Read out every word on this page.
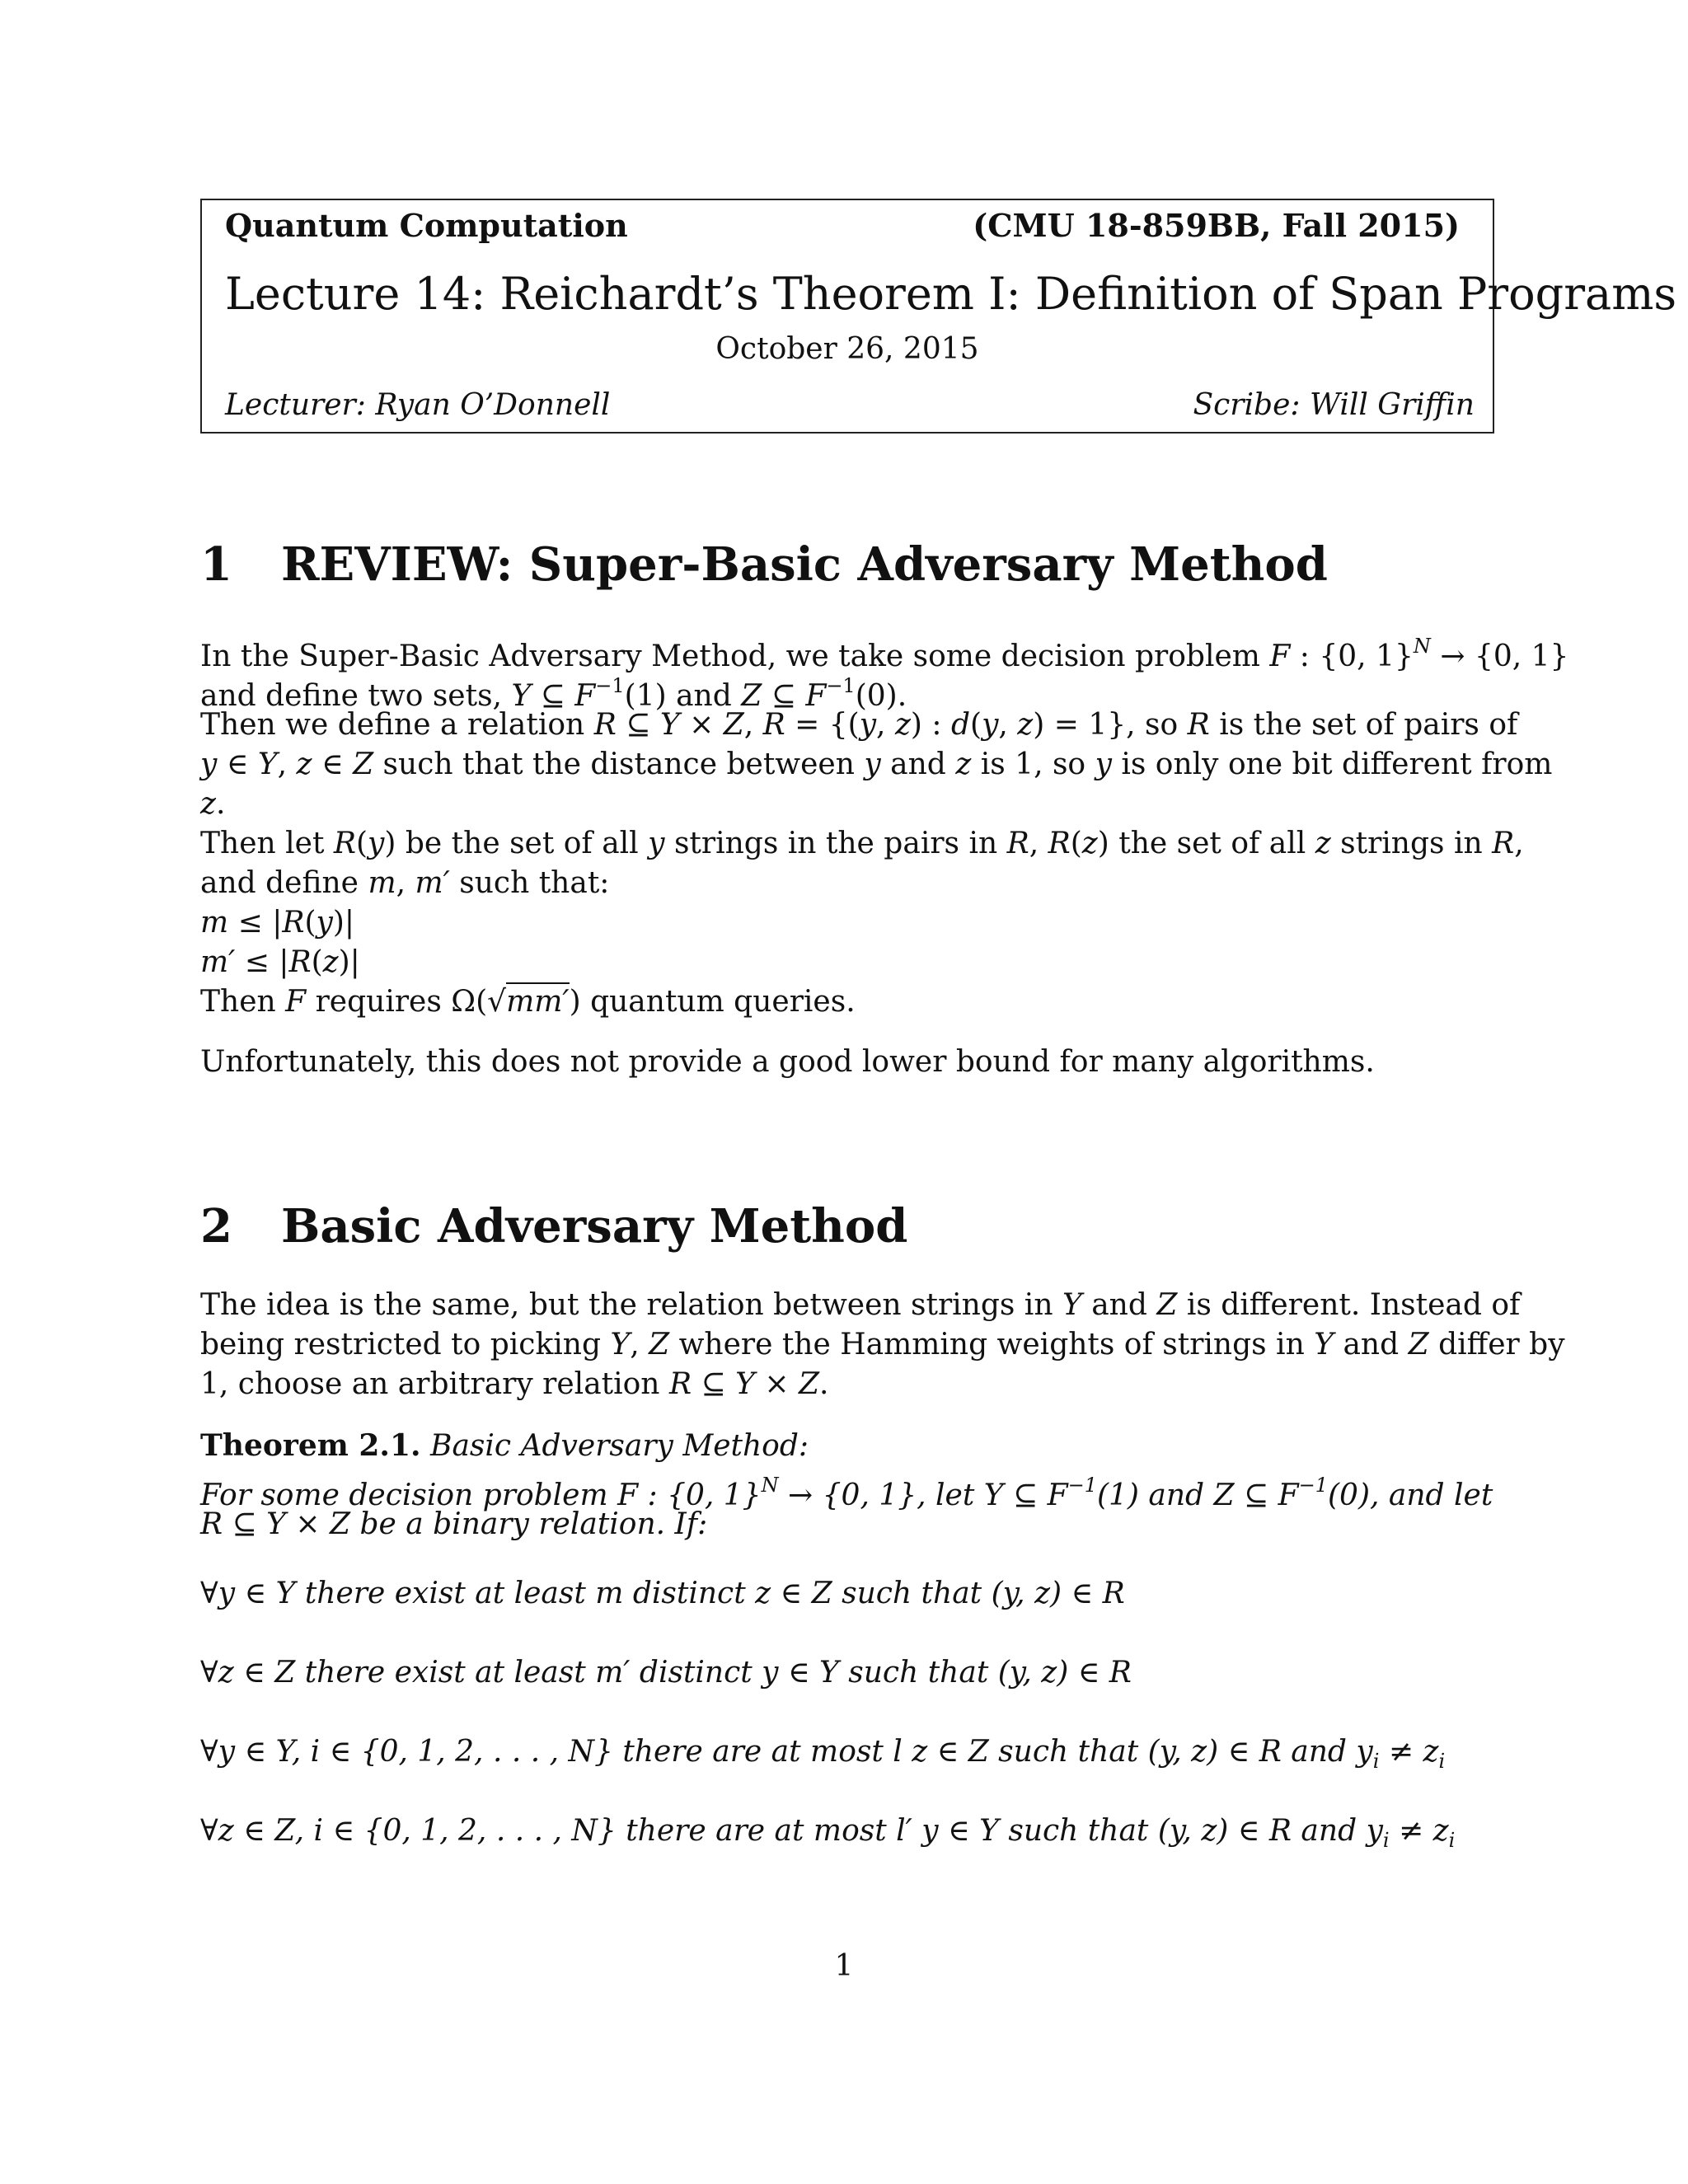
Quantum Computation	(CMU 18-859BB, Fall 2015)
Lecture 14: Reichardt’s Theorem I: Definition of Span Programs
October 26, 2015
Lecturer: Ryan O’Donnell	Scribe: Will Griffin
1 REVIEW: Super-Basic Adversary Method
In the Super-Basic Adversary Method, we take some decision problem F : {0, 1}$^N$ → {0, 1}
and define two sets, Y ⊆ $F^{-1}(1)$ and Z ⊆ $F^{-1}(0)$.
Then we define a relation R ⊆ Y × Z, R = {(y, z) : d(y, z) = 1}, so R is the set of pairs of
y ∈ Y, z ∈ Z such that the distance between y and z is 1, so y is only one bit different from
z.
Then let R(y) be the set of all y strings in the pairs in R, R(z) the set of all z strings in R,
and define m, m′ such that:
m ≤ |R(y)|
m′ ≤ |R(z)|
Then F requires Ω(√mm′) quantum queries.
Unfortunately, this does not provide a good lower bound for many algorithms.
2 Basic Adversary Method
The idea is the same, but the relation between strings in Y and Z is different. Instead of
being restricted to picking Y, Z where the Hamming weights of strings in Y and Z differ by
1, choose an arbitrary relation R ⊆ Y × Z.
Theorem 2.1. Basic Adversary Method:
For some decision problem F : {0, 1}$^N$ → {0, 1}, let Y ⊆ $F^{-1}(1)$ and Z ⊆ $F^{-1}(0)$, and let
R ⊆ Y × Z be a binary relation. If:
∀y ∈ Y there exist at least m distinct z ∈ Z such that (y, z) ∈ R
∀z ∈ Z there exist at least m′ distinct y ∈ Y such that (y, z) ∈ R
∀y ∈ Y, i ∈ {0, 1, 2, . . . , N} there are at most l z ∈ Z such that (y, z) ∈ R and $y_i \ne z_i$
∀z ∈ Z, i ∈ {0, 1, 2, . . . , N} there are at most l′ y ∈ Y such that (y, z) ∈ R and $y_i \ne z_i$
1
